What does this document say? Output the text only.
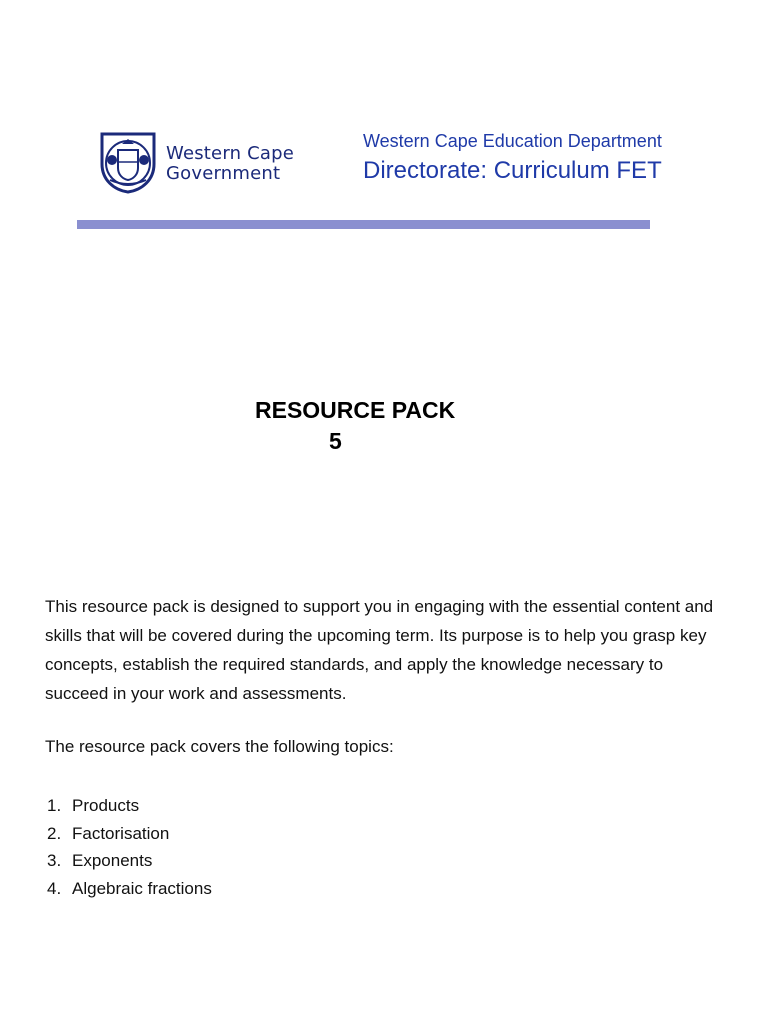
Western Cape
Government
Western Cape Education Department
Directorate: Curriculum FET
RESOURCE PACK
5

This resource pack is designed to support you in engaging with the essential content and skills that will be covered during the upcoming term. Its purpose is to help you grasp key concepts, establish the required standards, and apply the knowledge necessary to succeed in your work and assessments.

The resource pack covers the following topics:

1. Products
2. Factorisation
3. Exponents
4. Algebraic fractions
